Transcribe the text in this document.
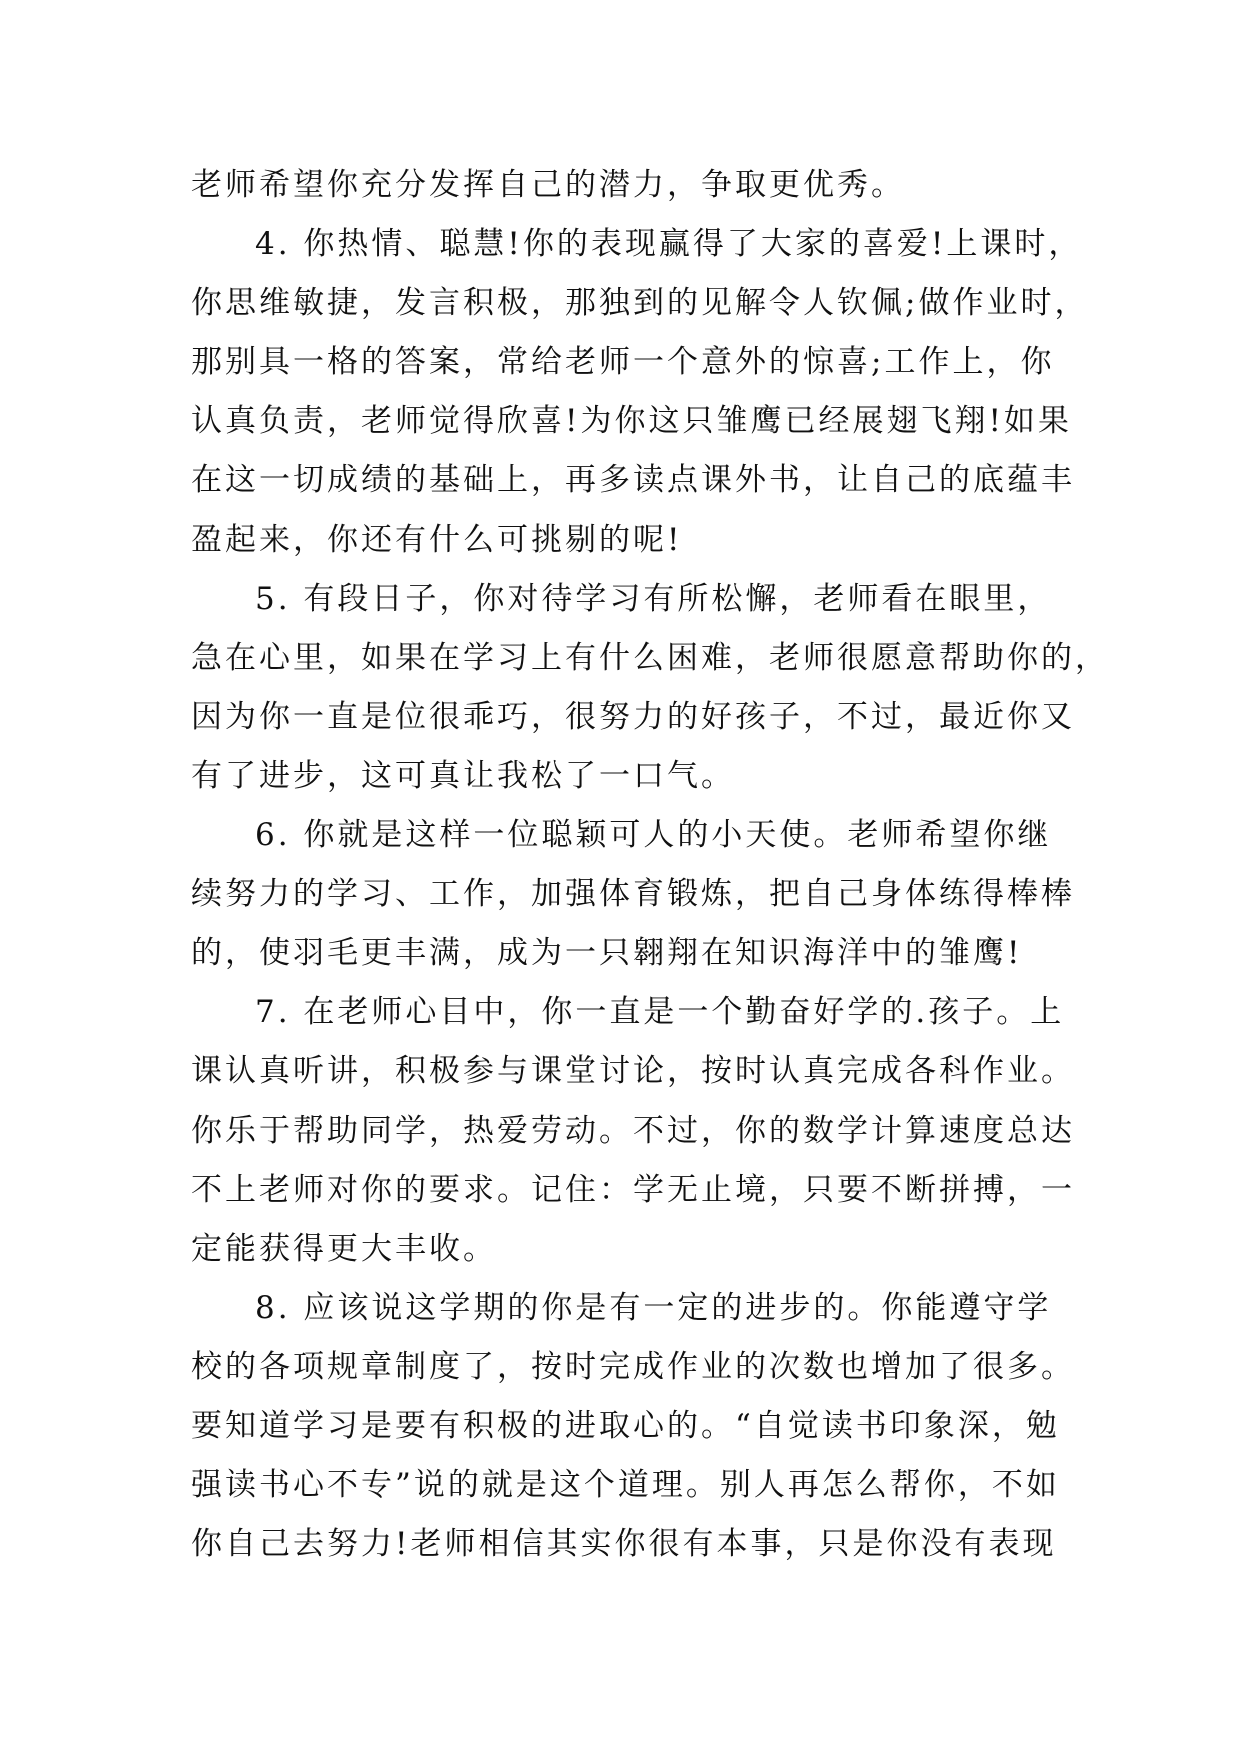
老师希望你充分发挥自己的潜力，争取更优秀。
4. 你热情、聪慧!你的表现赢得了大家的喜爱!上课时，
你思维敏捷，发言积极，那独到的见解令人钦佩;做作业时，
那别具一格的答案，常给老师一个意外的惊喜;工作上，你
认真负责，老师觉得欣喜!为你这只雏鹰已经展翅飞翔!如果
在这一切成绩的基础上，再多读点课外书，让自己的底蕴丰
盈起来，你还有什么可挑剔的呢!
5. 有段日子，你对待学习有所松懈，老师看在眼里，
急在心里，如果在学习上有什么困难，老师很愿意帮助你的，
因为你一直是位很乖巧，很努力的好孩子，不过，最近你又
有了进步，这可真让我松了一口气。
6. 你就是这样一位聪颖可人的小天使。老师希望你继
续努力的学习、工作，加强体育锻炼，把自己身体练得棒棒
的，使羽毛更丰满，成为一只翱翔在知识海洋中的雏鹰!
7. 在老师心目中，你一直是一个勤奋好学的.孩子。上
课认真听讲，积极参与课堂讨论，按时认真完成各科作业。
你乐于帮助同学，热爱劳动。不过，你的数学计算速度总达
不上老师对你的要求。记住：学无止境，只要不断拼搏，一
定能获得更大丰收。
8. 应该说这学期的你是有一定的进步的。你能遵守学
校的各项规章制度了，按时完成作业的次数也增加了很多。
要知道学习是要有积极的进取心的。“自觉读书印象深，勉
强读书心不专”说的就是这个道理。别人再怎么帮你，不如
你自己去努力!老师相信其实你很有本事，只是你没有表现
